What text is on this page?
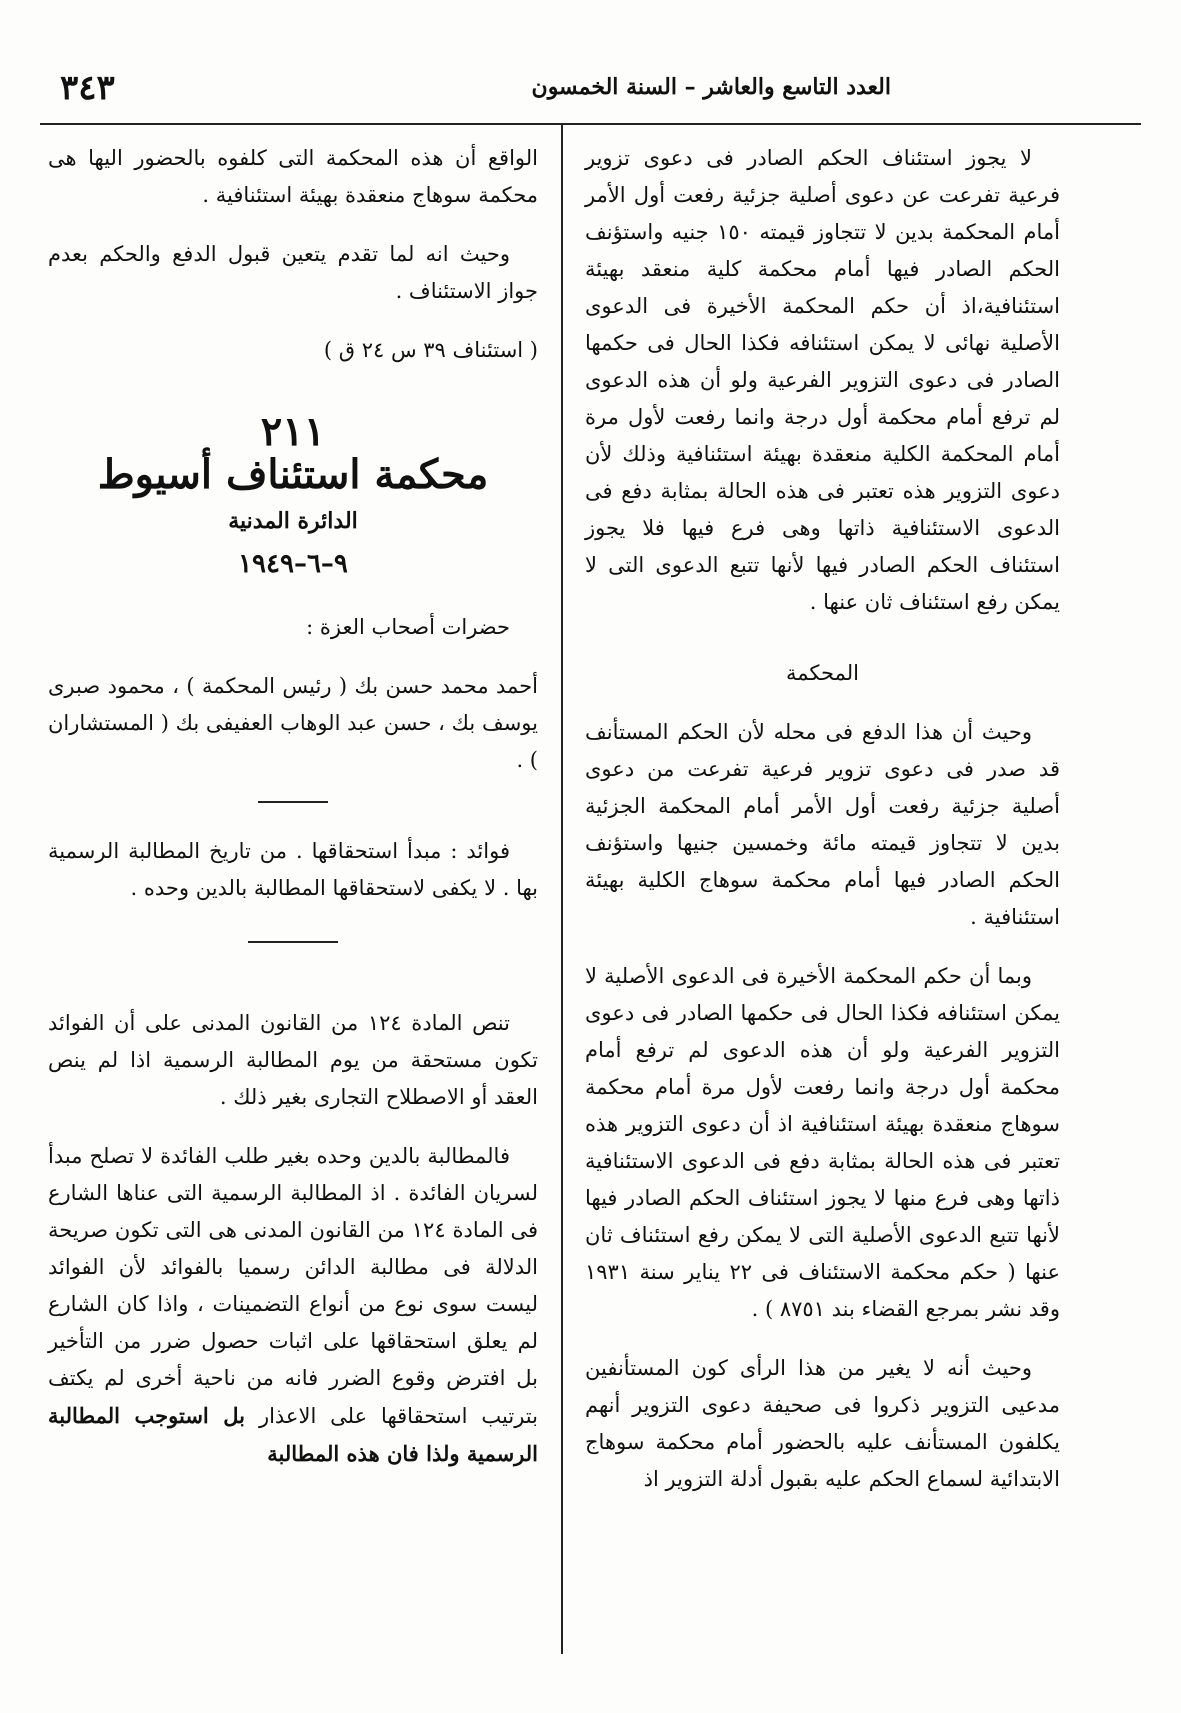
٣٤٣	العدد التاسع والعاشر – السنة الخمسون

لا يجوز استئناف الحكم الصادر فى دعوى تزوير فرعية تفرعت عن دعوى أصلية جزئية رفعت أول الأمر أمام المحكمة بدين لا تتجاوز قيمته ١٥٠ جنيه واستؤنف الحكم الصادر فيها أمام محكمة كلية منعقد بهيئة استئنافية،اذ أن حكم المحكمة الأخيرة فى الدعوى الأصلية نهائى لا يمكن استئنافه فكذا الحال فى حكمها الصادر فى دعوى التزوير الفرعية ولو أن هذه الدعوى لم ترفع أمام محكمة أول درجة وانما رفعت لأول مرة أمام المحكمة الكلية منعقدة بهيئة استئنافية وذلك لأن دعوى التزوير هذه تعتبر فى هذه الحالة بمثابة دفع فى الدعوى الاستئنافية ذاتها وهى فرع فيها فلا يجوز استئناف الحكم الصادر فيها لأنها تتبع الدعوى التى لا يمكن رفع استئناف ثان عنها .

المحكمة

وحيث أن هذا الدفع فى محله لأن الحكم المستأنف قد صدر فى دعوى تزوير فرعية تفرعت من دعوى أصلية جزئية رفعت أول الأمر أمام المحكمة الجزئية بدين لا تتجاوز قيمته مائة وخمسين جنيها واستؤنف الحكم الصادر فيها أمام محكمة سوهاج الكلية بهيئة استئنافية .

وبما أن حكم المحكمة الأخيرة فى الدعوى الأصلية لا يمكن استئنافه فكذا الحال فى حكمها الصادر فى دعوى التزوير الفرعية ولو أن هذه الدعوى لم ترفع أمام محكمة أول درجة وانما رفعت لأول مرة أمام محكمة سوهاج منعقدة بهيئة استئنافية اذ أن دعوى التزوير هذه تعتبر فى هذه الحالة بمثابة دفع فى الدعوى الاستئنافية ذاتها وهى فرع منها لا يجوز استئناف الحكم الصادر فيها لأنها تتبع الدعوى الأصلية التى لا يمكن رفع استئناف ثان عنها ( حكم محكمة الاستئناف فى ٢٢ يناير سنة ١٩٣١ وقد نشر بمرجع القضاء بند ٨٧٥١ ) .

وحيث أنه لا يغير من هذا الرأى كون المستأنفين مدعيى التزوير ذكروا فى صحيفة دعوى التزوير أنهم يكلفون المستأنف عليه بالحضور أمام محكمة سوهاج الابتدائية لسماع الحكم عليه بقبول أدلة التزوير اذ

الواقع أن هذه المحكمة التى كلفوه بالحضور اليها هى محكمة سوهاج منعقدة بهيئة استئنافية .

وحيث انه لما تقدم يتعين قبول الدفع والحكم بعدم جواز الاستئناف .

( استئناف ٣٩ س ٢٤ ق )

٢١١
محكمة استئناف أسيوط
الدائرة المدنية
٩–٦–١٩٤٩

حضرات أصحاب العزة :

أحمد محمد حسن بك ( رئيس المحكمة ) ، محمود صبرى يوسف بك ، حسن عبد الوهاب العفيفى بك ( المستشاران ) .

فوائد : مبدأ استحقاقها . من تاريخ المطالبة الرسمية بها . لا يكفى لاستحقاقها المطالبة بالدين وحده .

تنص المادة ١٢٤ من القانون المدنى على أن الفوائد تكون مستحقة من يوم المطالبة الرسمية اذا لم ينص العقد أو الاصطلاح التجارى بغير ذلك .

فالمطالبة بالدين وحده بغير طلب الفائدة لا تصلح مبدأ لسريان الفائدة . اذ المطالبة الرسمية التى عناها الشارع فى المادة ١٢٤ من القانون المدنى هى التى تكون صريحة الدلالة فى مطالبة الدائن رسميا بالفوائد لأن الفوائد ليست سوى نوع من أنواع التضمينات ، واذا كان الشارع لم يعلق استحقاقها على اثبات حصول ضرر من التأخير بل افترض وقوع الضرر فانه من ناحية أخرى لم يكتف بترتيب استحقاقها على الاعذار بل استوجب المطالبة الرسمية ولذا فان هذه المطالبة
